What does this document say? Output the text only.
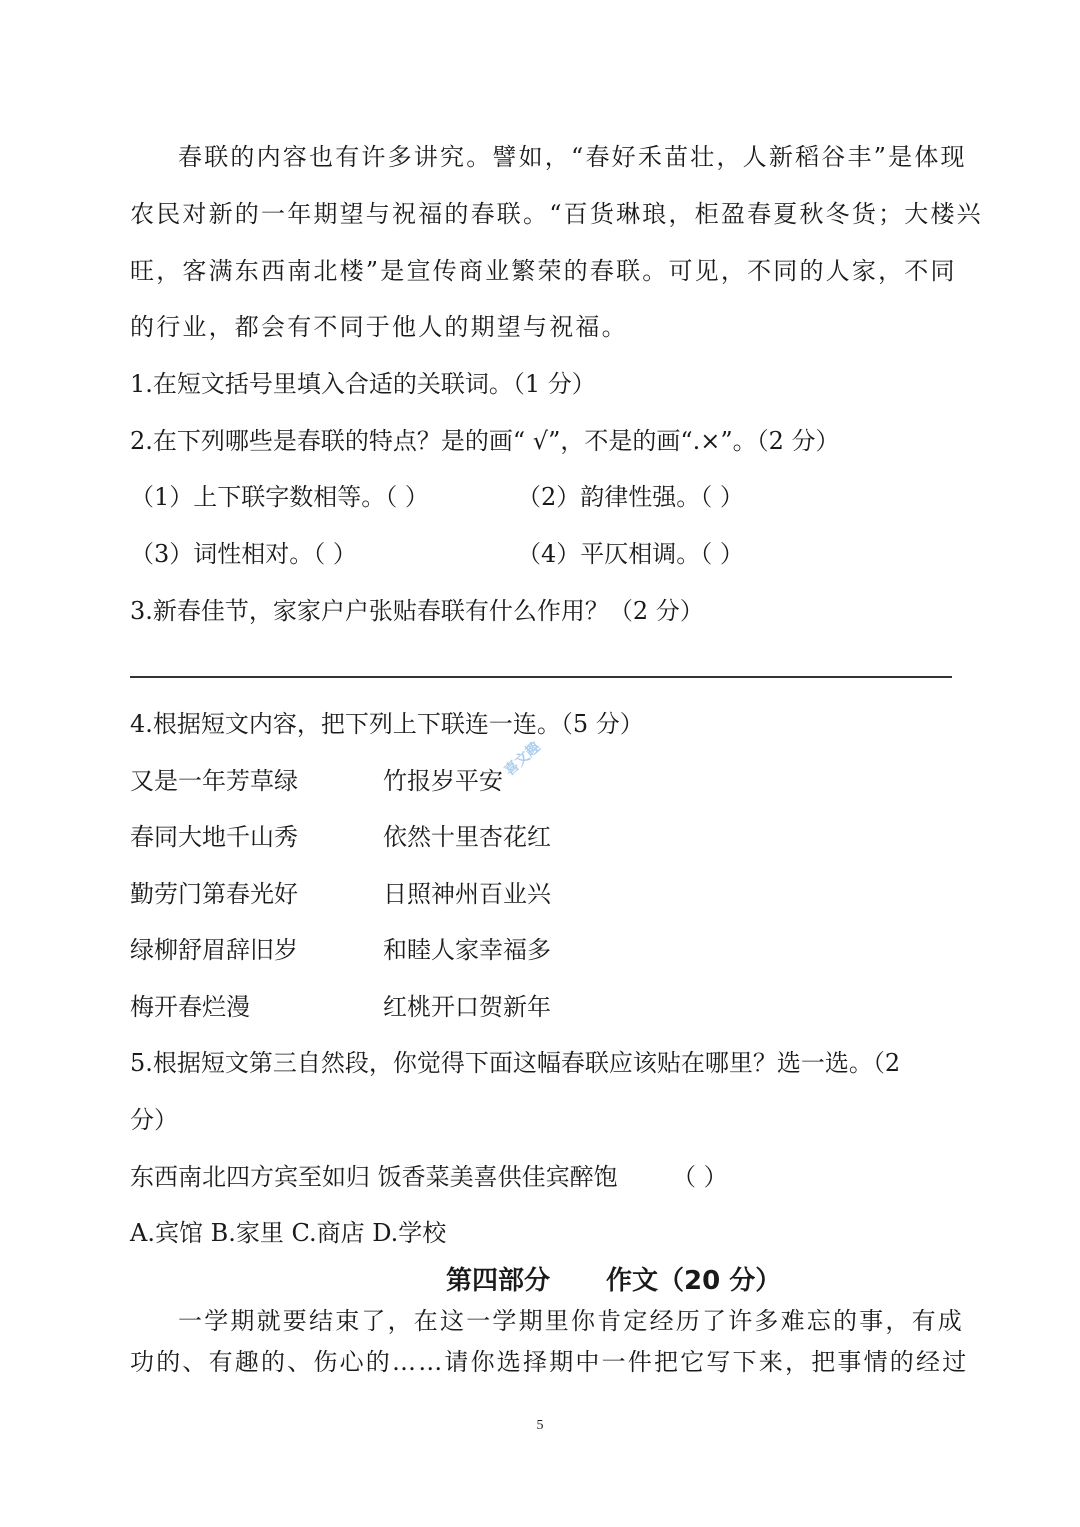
春联的内容也有许多讲究。譬如，“春好禾苗壮，人新稻谷丰”是体现
农民对新的一年期望与祝福的春联。“百货琳琅，柜盈春夏秋冬货；大楼兴
旺，客满东西南北楼”是宣传商业繁荣的春联。可见，不同的人家，不同
的行业，都会有不同于他人的期望与祝福。
1.在短文括号里填入合适的关联词。（1 分）
2.在下列哪些是春联的特点？是的画“ √”，不是的画“.×”。（2 分）
（1）上下联字数相等。（ ）	（2）韵律性强。（ ）
（3）词性相对。（ ）	（4）平仄相调。（ ）
3.新春佳节，家家户户张贴春联有什么作用？（2 分）
4.根据短文内容，把下列上下联连一连。（5 分）
又是一年芳草绿	竹报岁平安
春同大地千山秀	依然十里杏花红
勤劳门第春光好	日照神州百业兴
绿柳舒眉辞旧岁	和睦人家幸福多
梅开春烂漫	红桃开口贺新年
喜文趣
5.根据短文第三自然段，你觉得下面这幅春联应该贴在哪里？选一选。（2
分）
东西南北四方宾至如归 饭香菜美喜供佳宾醉饱 （ ）
A.宾馆 B.家里 C.商店 D.学校
第四部分 作文（20 分）
一学期就要结束了，在这一学期里你肯定经历了许多难忘的事，有成
功的、有趣的、伤心的……请你选择期中一件把它写下来，把事情的经过
5
